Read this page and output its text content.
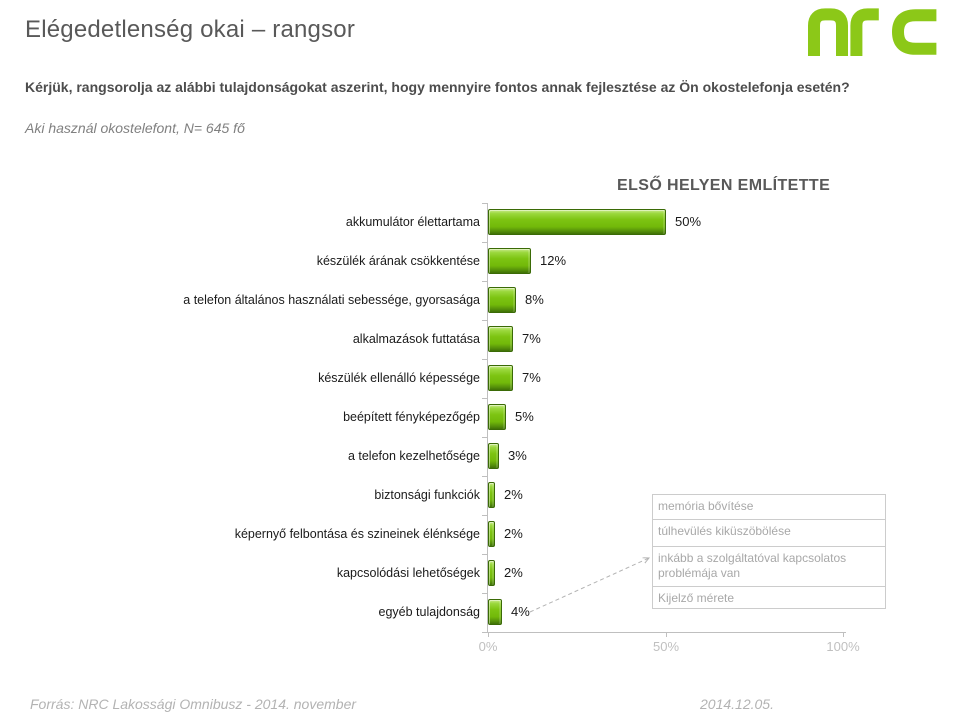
Elégedetlenség okai – rangsor
Kérjük, rangsorolja az alábbi tulajdonságokat aszerint, hogy mennyire fontos annak fejlesztése az Ön okostelefonja esetén?
Aki használ okostelefont, N= 645 fő
ELSŐ HELYEN EMLÍTETTE
akkumulátor élettartama	50%
készülék árának csökkentése	12%
a telefon általános használati sebessége, gyorsasága	8%
alkalmazások futtatása	7%
készülék ellenálló képessége	7%
beépített fényképezőgép	5%
a telefon kezelhetősége 3%
biztonsági funkciók 2%
képernyő felbontása és szineinek élénksége 2%
kapcsolódási lehetőségek 2%
egyéb tulajdonság 4%
0%	50%	100%
memória bővítése
túlhevülés kiküszöbölése
inkább a szolgáltatóval kapcsolatos problémája van
Kijelző mérete
Forrás: NRC Lakossági Omnibusz - 2014. november	2014.12.05.
